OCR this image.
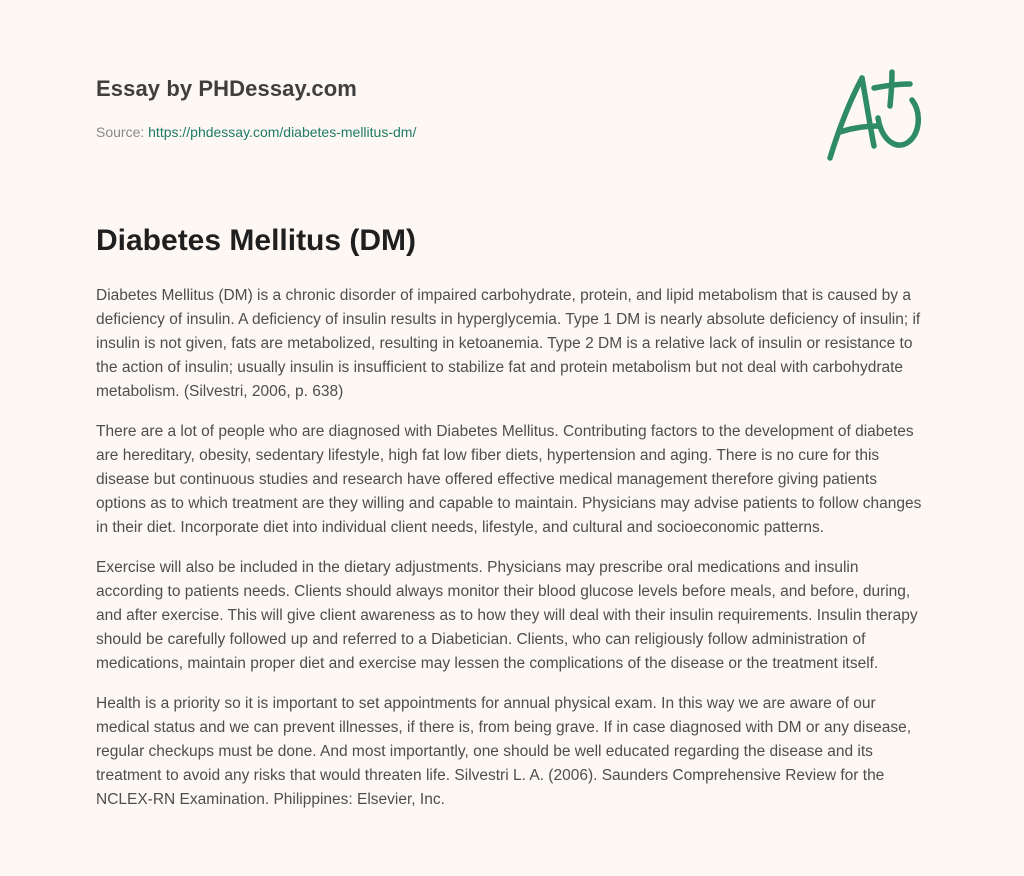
Essay by PHDessay.com
Source: https://phdessay.com/diabetes-mellitus-dm/
Diabetes Mellitus (DM)

Diabetes Mellitus (DM) is a chronic disorder of impaired carbohydrate, protein, and lipid metabolism that is caused by a deficiency of insulin. A deficiency of insulin results in hyperglycemia. Type 1 DM is nearly absolute deficiency of insulin; if insulin is not given, fats are metabolized, resulting in ketoanemia. Type 2 DM is a relative lack of insulin or resistance to the action of insulin; usually insulin is insufficient to stabilize fat and protein metabolism but not deal with carbohydrate metabolism. (Silvestri, 2006, p. 638)

There are a lot of people who are diagnosed with Diabetes Mellitus. Contributing factors to the development of diabetes are hereditary, obesity, sedentary lifestyle, high fat low fiber diets, hypertension and aging. There is no cure for this disease but continuous studies and research have offered effective medical management therefore giving patients options as to which treatment are they willing and capable to maintain. Physicians may advise patients to follow changes in their diet. Incorporate diet into individual client needs, lifestyle, and cultural and socioeconomic patterns.

Exercise will also be included in the dietary adjustments. Physicians may prescribe oral medications and insulin according to patients needs. Clients should always monitor their blood glucose levels before meals, and before, during, and after exercise. This will give client awareness as to how they will deal with their insulin requirements. Insulin therapy should be carefully followed up and referred to a Diabetician. Clients, who can religiously follow administration of medications, maintain proper diet and exercise may lessen the complications of the disease or the treatment itself.

Health is a priority so it is important to set appointments for annual physical exam. In this way we are aware of our medical status and we can prevent illnesses, if there is, from being grave. If in case diagnosed with DM or any disease, regular checkups must be done. And most importantly, one should be well educated regarding the disease and its treatment to avoid any risks that would threaten life. Silvestri L. A. (2006). Saunders Comprehensive Review for the NCLEX-RN Examination. Philippines: Elsevier, Inc.
